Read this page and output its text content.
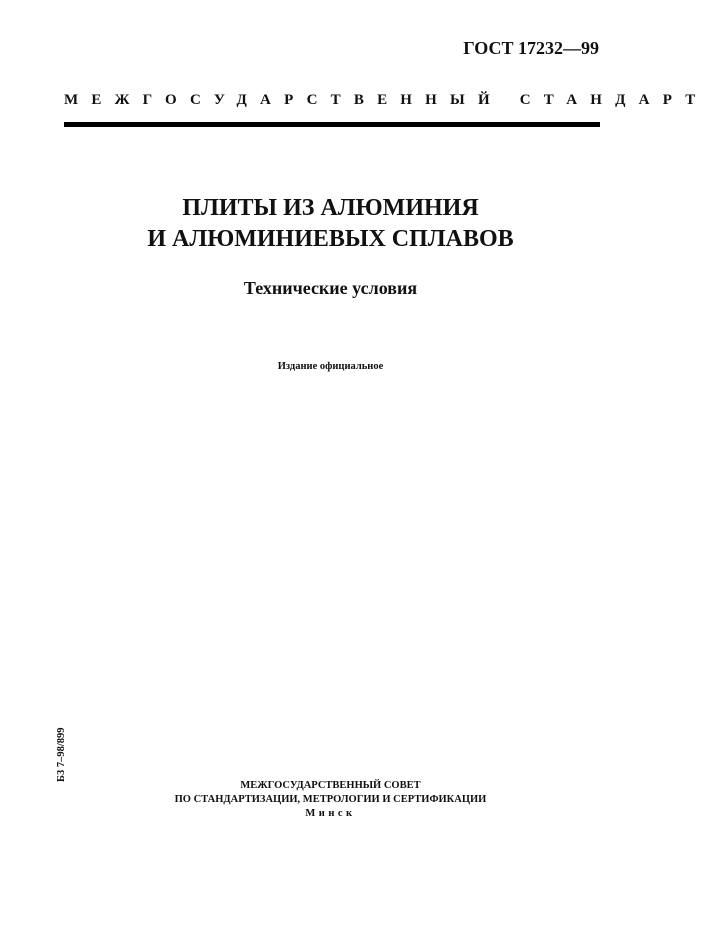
ГОСТ 17232—99
МЕЖГОСУДАРСТВЕННЫЙ СТАНДАРТ
ПЛИТЫ ИЗ АЛЮМИНИЯ
И АЛЮМИНИЕВЫХ СПЛАВОВ
Технические условия
Издание официальное
Б3 7–98/899
МЕЖГОСУДАРСТВЕННЫЙ СОВЕТ
ПО СТАНДАРТИЗАЦИИ, МЕТРОЛОГИИ И СЕРТИФИКАЦИИ
Минск
